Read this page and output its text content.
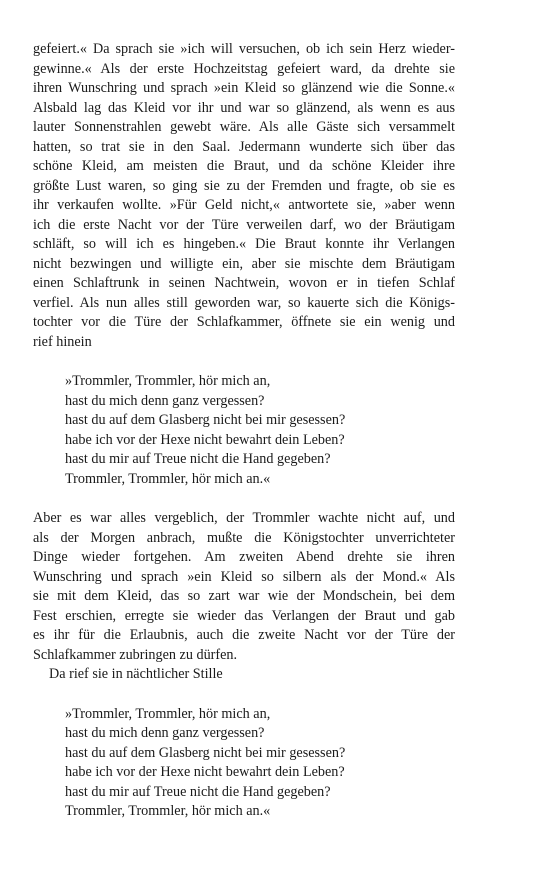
gefeiert.« Da sprach sie »ich will versuchen, ob ich sein Herz wieder-
gewinne.« Als der erste Hochzeitstag gefeiert ward, da drehte sie
ihren Wunschring und sprach »ein Kleid so glänzend wie die Sonne.«
Alsbald lag das Kleid vor ihr und war so glänzend, als wenn es aus
lauter Sonnenstrahlen gewebt wäre. Als alle Gäste sich versammelt
hatten, so trat sie in den Saal. Jedermann wunderte sich über das
schöne Kleid, am meisten die Braut, und da schöne Kleider ihre
größte Lust waren, so ging sie zu der Fremden und fragte, ob sie es
ihr verkaufen wollte. »Für Geld nicht,« antwortete sie, »aber wenn
ich die erste Nacht vor der Türe verweilen darf, wo der Bräutigam
schläft, so will ich es hingeben.« Die Braut konnte ihr Verlangen
nicht bezwingen und willigte ein, aber sie mischte dem Bräutigam
einen Schlaftrunk in seinen Nachtwein, wovon er in tiefen Schlaf
verfiel. Als nun alles still geworden war, so kauerte sich die Königs-
tochter vor die Türe der Schlafkammer, öffnete sie ein wenig und
rief hinein
»Trommler, Trommler, hör mich an,
hast du mich denn ganz vergessen?
hast du auf dem Glasberg nicht bei mir gesessen?
habe ich vor der Hexe nicht bewahrt dein Leben?
hast du mir auf Treue nicht die Hand gegeben?
Trommler, Trommler, hör mich an.«
Aber es war alles vergeblich, der Trommler wachte nicht auf, und
als der Morgen anbrach, mußte die Königstochter unverrichteter
Dinge wieder fortgehen. Am zweiten Abend drehte sie ihren
Wunschring und sprach »ein Kleid so silbern als der Mond.« Als
sie mit dem Kleid, das so zart war wie der Mondschein, bei dem
Fest erschien, erregte sie wieder das Verlangen der Braut und gab
es ihr für die Erlaubnis, auch die zweite Nacht vor der Türe der
Schlafkammer zubringen zu dürfen.
Da rief sie in nächtlicher Stille
»Trommler, Trommler, hör mich an,
hast du mich denn ganz vergessen?
hast du auf dem Glasberg nicht bei mir gesessen?
habe ich vor der Hexe nicht bewahrt dein Leben?
hast du mir auf Treue nicht die Hand gegeben?
Trommler, Trommler, hör mich an.«
